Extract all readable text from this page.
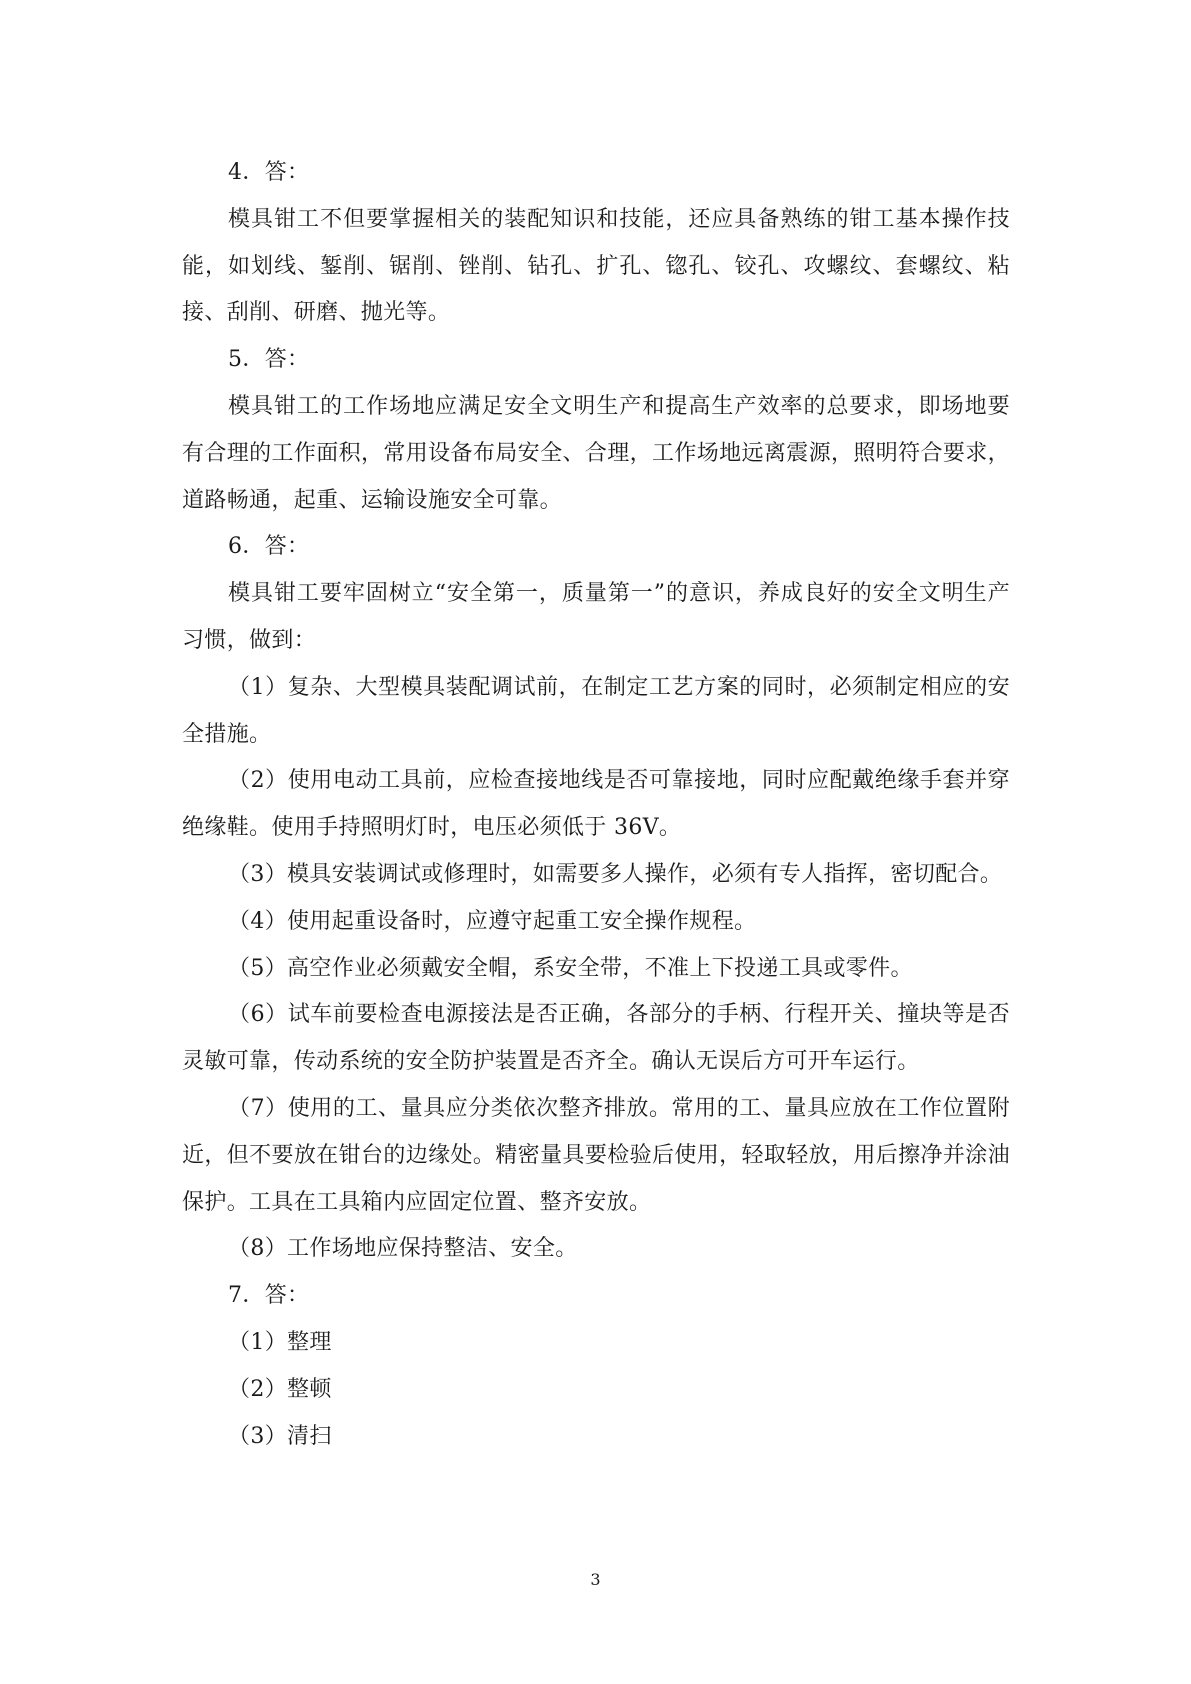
4．答：

模具钳工不但要掌握相关的装配知识和技能，还应具备熟练的钳工基本操作技能，如划线、錾削、锯削、锉削、钻孔、扩孔、锪孔、铰孔、攻螺纹、套螺纹、粘接、刮削、研磨、抛光等。

5．答：

模具钳工的工作场地应满足安全文明生产和提高生产效率的总要求，即场地要有合理的工作面积，常用设备布局安全、合理，工作场地远离震源，照明符合要求，道路畅通，起重、运输设施安全可靠。

6．答：

模具钳工要牢固树立“安全第一，质量第一”的意识，养成良好的安全文明生产习惯，做到：

（1）复杂、大型模具装配调试前，在制定工艺方案的同时，必须制定相应的安全措施。

（2）使用电动工具前，应检查接地线是否可靠接地，同时应配戴绝缘手套并穿绝缘鞋。使用手持照明灯时，电压必须低于 36V。

（3）模具安装调试或修理时，如需要多人操作，必须有专人指挥，密切配合。

（4）使用起重设备时，应遵守起重工安全操作规程。

（5）高空作业必须戴安全帽，系安全带，不准上下投递工具或零件。

（6）试车前要检查电源接法是否正确，各部分的手柄、行程开关、撞块等是否灵敏可靠，传动系统的安全防护装置是否齐全。确认无误后方可开车运行。

（7）使用的工、量具应分类依次整齐排放。常用的工、量具应放在工作位置附近，但不要放在钳台的边缘处。精密量具要检验后使用，轻取轻放，用后擦净并涂油保护。工具在工具箱内应固定位置、整齐安放。

（8）工作场地应保持整洁、安全。

7．答：

（1）整理

（2）整顿

（3）清扫

3
